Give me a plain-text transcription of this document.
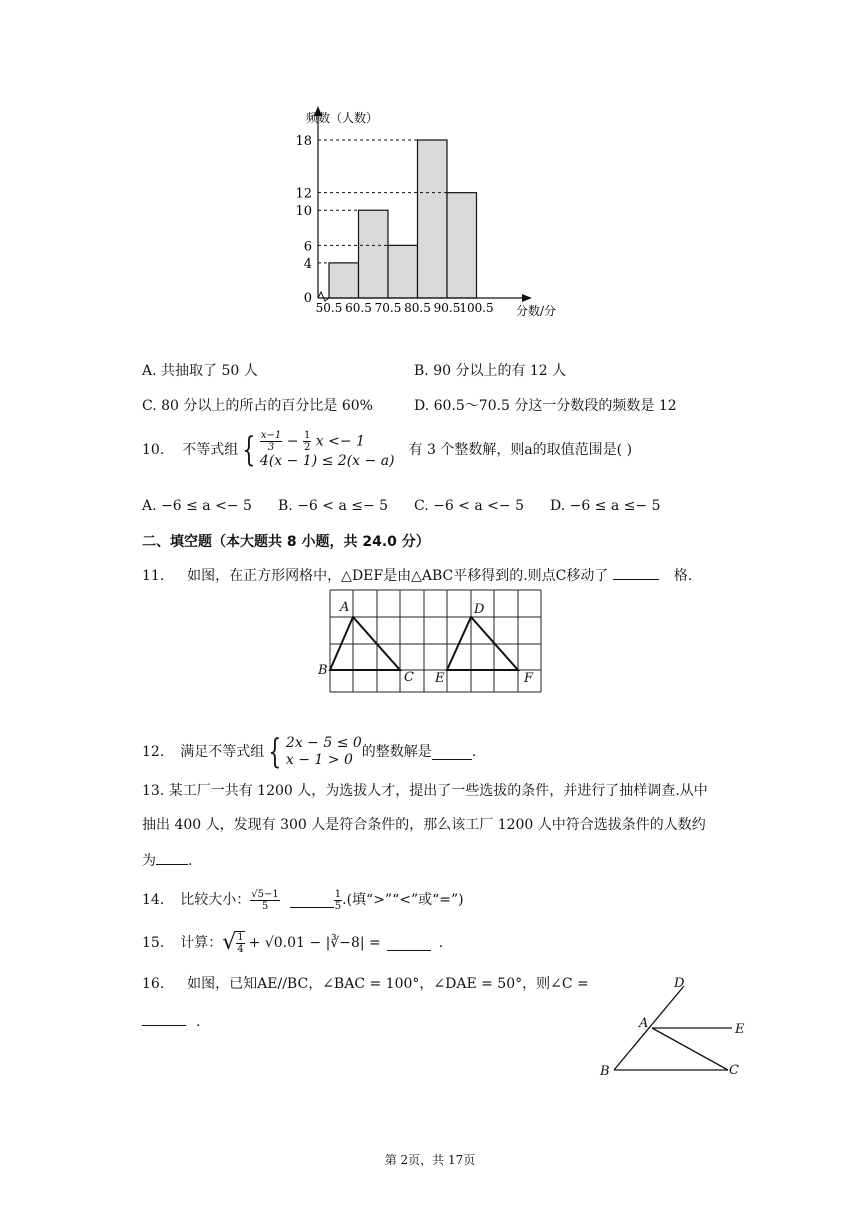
0
4
6
10
12
18
50.5 60.5 70.5 80.5 90.5
100.5
频数（人数）
分数/分
A. 共抽取了 50 人	B. 90 分以上的有 12 人
C. 80 分以上的所占的百分比是 60%	D. 60.5～70.5 分这一分数段的频数是 12
10. 不等式组 { $\frac{x-1}{3} - \frac{1}{2}$ x <− 1
4(x − 1) ≤ 2(x − a)
有 3 个整数解，则a的取值范围是( )
A. −6 ≤ a <− 5 B. −6 < a ≤− 5 C. −6 < a <− 5 D. −6 ≤ a ≤− 5
二、填空题（本大题共 8 小题，共 24.0 分）
11. 如图，在正方形网格中，△DEF是由△ABC平移得到的.则点C移动了	格.
A
B	C
D
E	F
12. 满足不等式组 { 2x − 5 ≤ 0
x − 1 > 0 的整数解是	.
13. 某工厂一共有 1200 人，为选拔人才，提出了一些选拔的条件，并进行了抽样调查.从中
抽出 400 人，发现有 300 人是符合条件的，那么该工厂 1200 人中符合选拔条件的人数约
为 .
14. 比较大小： $\frac{√5-1}{5}$	$\frac{1}{5}$ .(填“>”“<”或“=”)
15. 计算： √ $\frac{1}{4} + √0.01$ − |∛−8| =	.
16. 如图，已知AE//BC，∠BAC = 100°，∠DAE = 50°，则∠C =
.
D
A	E
B	C
第 2页，共 17页
